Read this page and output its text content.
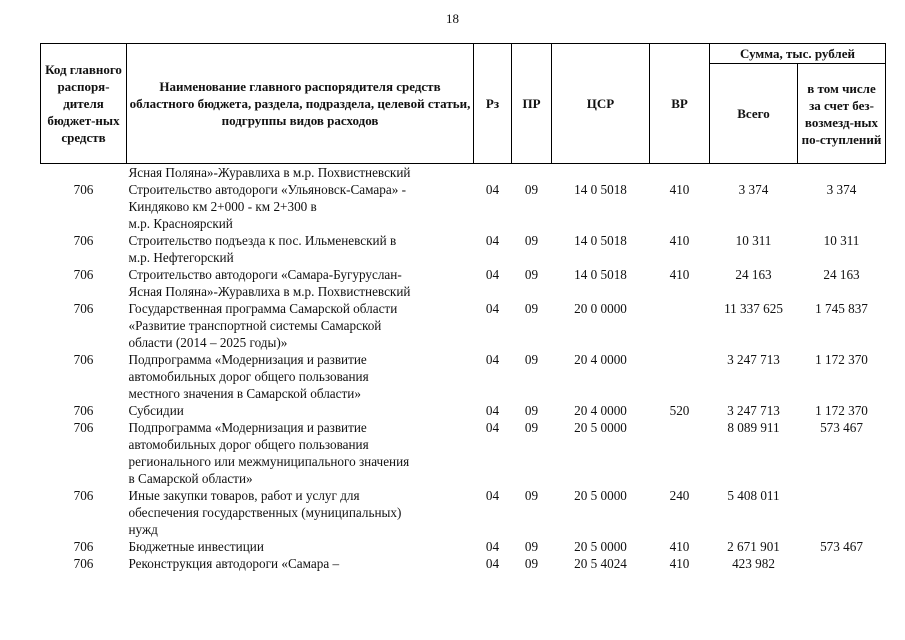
18
Код главного распоря-дителя бюджет-ных средств	Наименование главного распорядителя средств областного бюджета, раздела, подраздела, целевой статьи, подгруппы видов расходов	Рз	ПР	ЦСР	ВР	Сумма, тыс. рублей	
						Всего	в том числе за счет без-возмезд-ных по-ступлений

	Ясная Поляна»-Журавлиха в м.р. Похвистневский						

706	Строительство автодороги «Ульяновск-Самара» -
Киндяково км 2+000 - км 2+300 в
м.р. Красноярский	04	09	14 0 5018	410	3 374	3 374
706	Строительство подъезда к пос. Ильменевский в
м.р. Нефтегорский	04	09	14 0 5018	410	10 311	10 311
706	Строительство автодороги «Самара-Бугуруслан-
Ясная Поляна»-Журавлиха в м.р. Похвистневский	04	09	14 0 5018	410	24 163	24 163
706	Государственная программа Самарской области
«Развитие транспортной системы Самарской
области (2014 – 2025 годы)»	04	09	20 0 0000		11 337 625	1 745 837
706	Подпрограмма «Модернизация и развитие
автомобильных дорог общего пользования
местного значения в Самарской области»	04	09	20 4 0000		3 247 713	1 172 370
706	Субсидии	04	09	20 4 0000	520	3 247 713	1 172 370
706	Подпрограмма «Модернизация и развитие
автомобильных дорог общего пользования
регионального или межмуниципального значения
в Самарской области»	04	09	20 5 0000		8 089 911	573 467
706	Иные закупки товаров, работ и услуг для
обеспечения государственных (муниципальных)
нужд	04	09	20 5 0000	240	5 408 011	
706	Бюджетные инвестиции	04	09	20 5 0000	410	2 671 901	573 467
706	Реконструкция автодороги «Самара –	04	09	20 5 4024	410	423 982	
